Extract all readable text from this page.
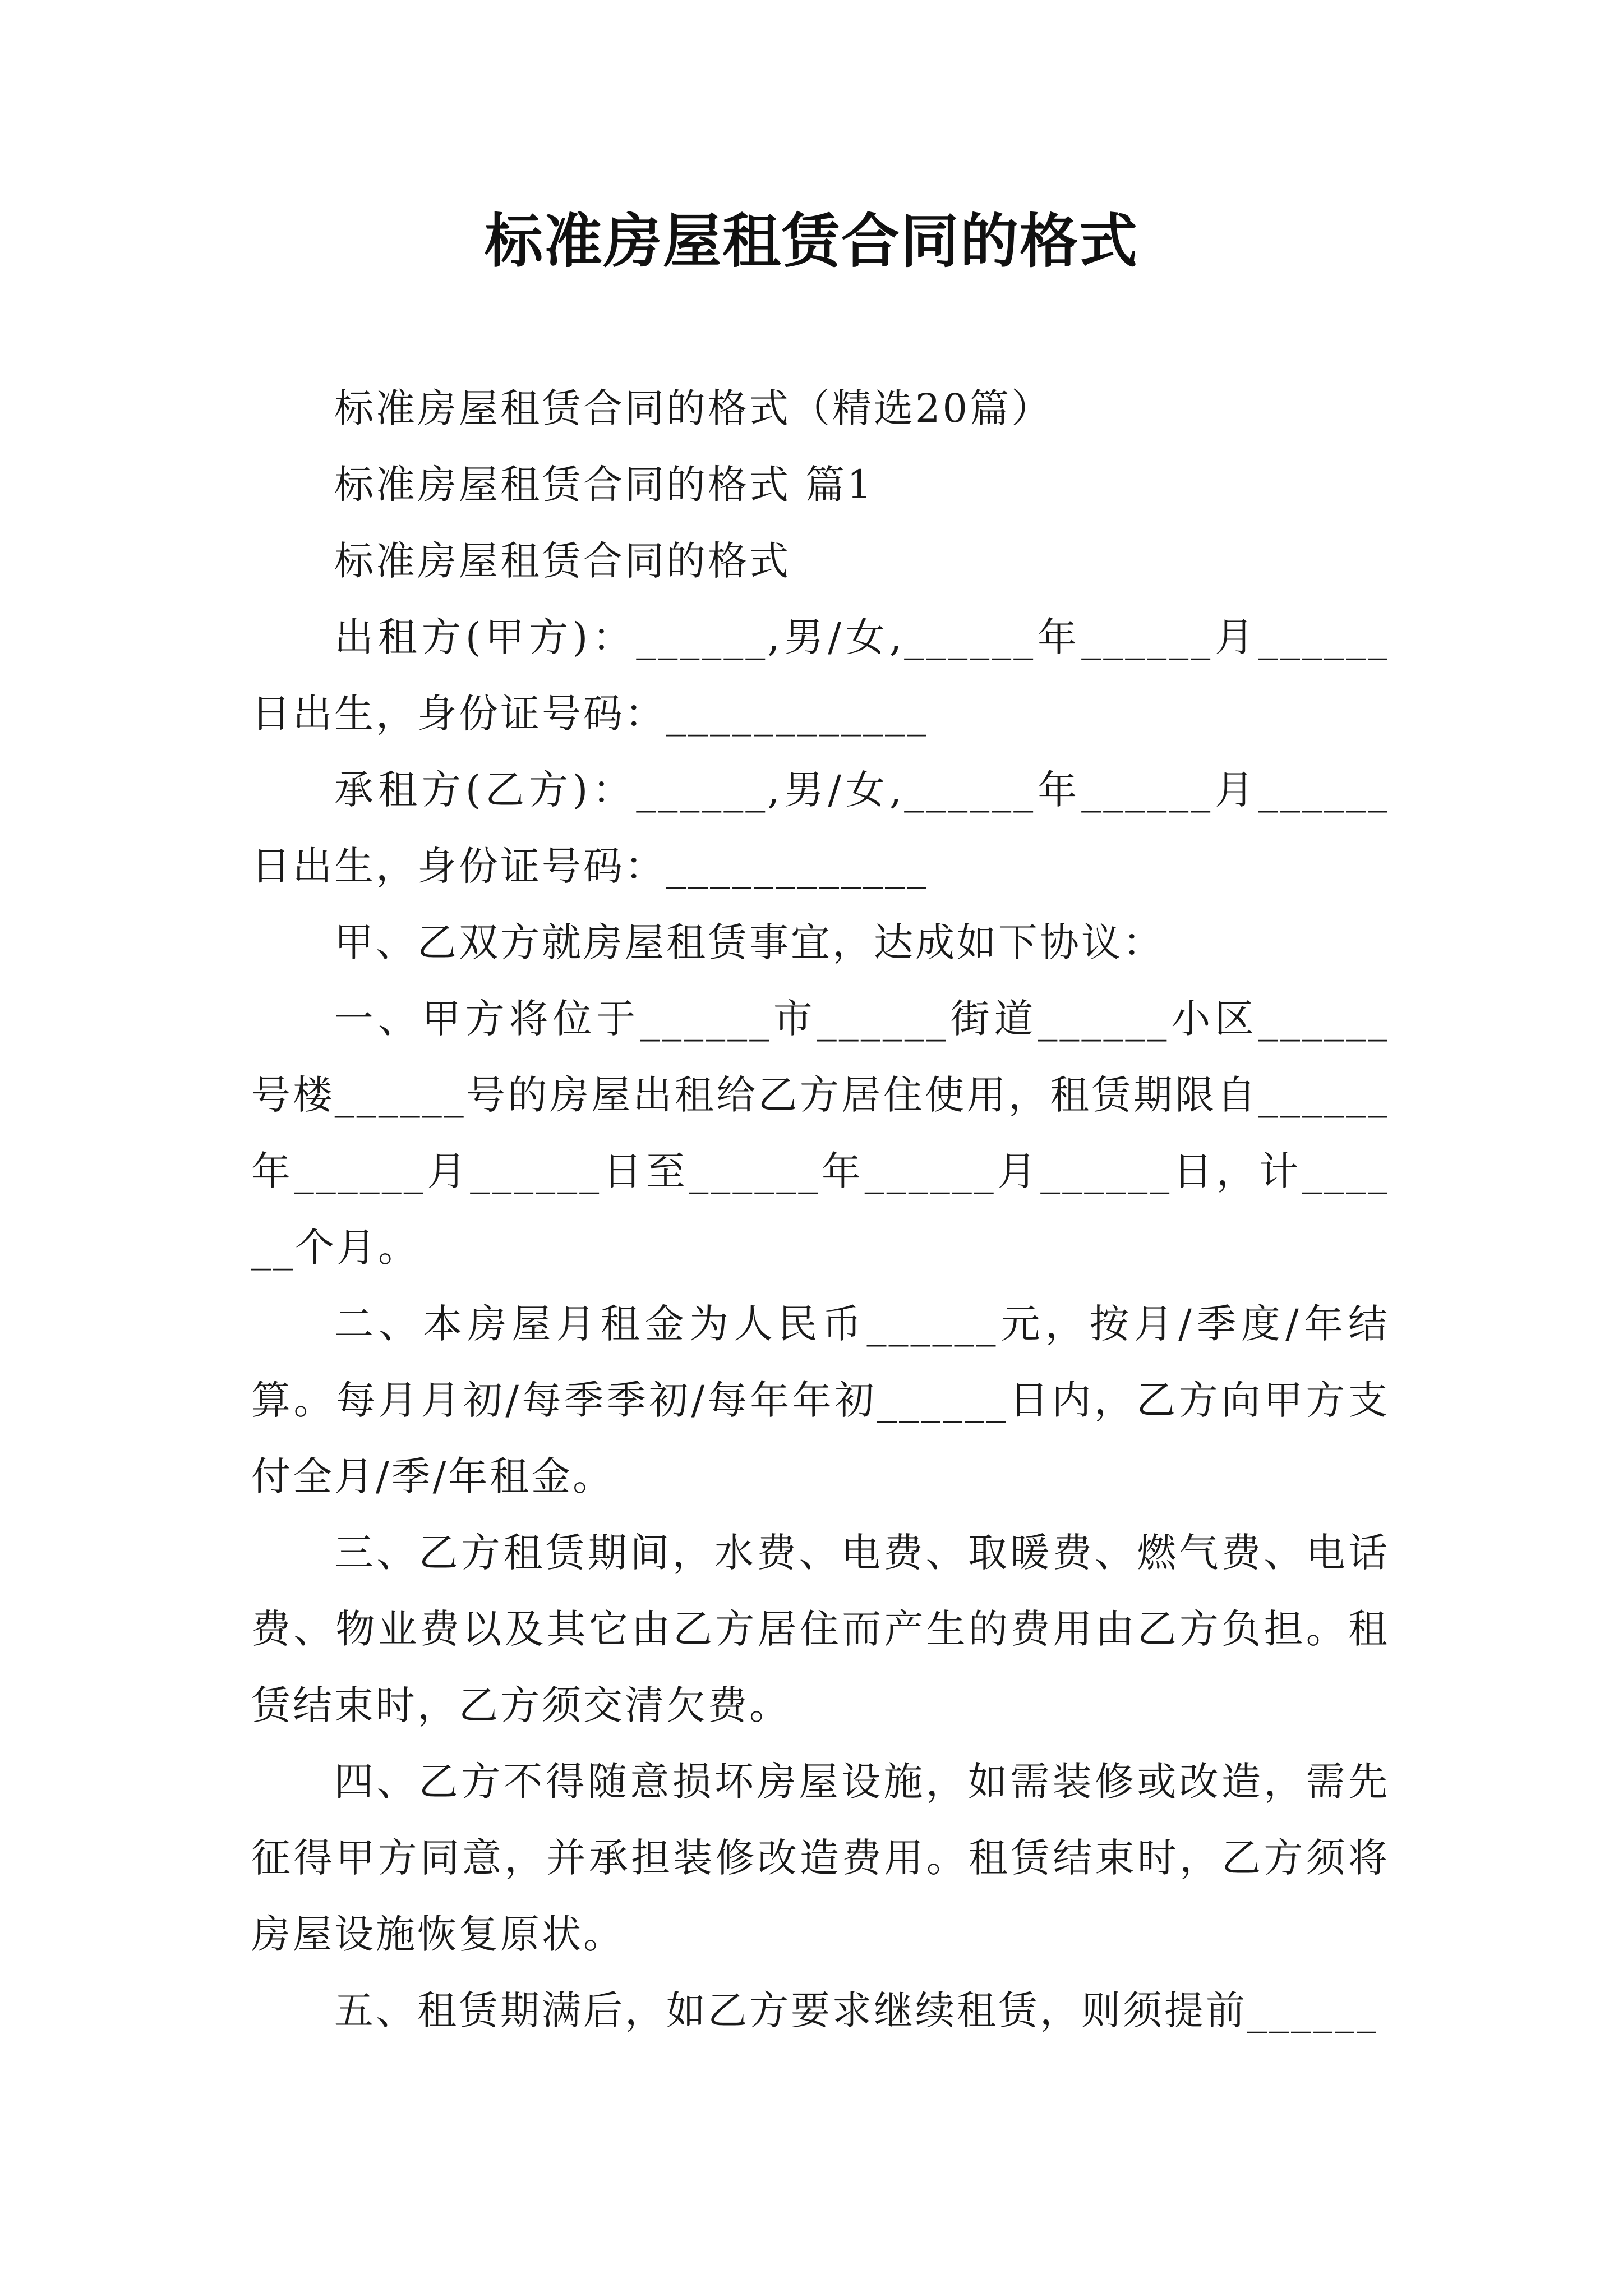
标准房屋租赁合同的格式

标准房屋租赁合同的格式（精选20篇）

标准房屋租赁合同的格式 篇1

标准房屋租赁合同的格式

出租方(甲方)：______,男/女,______年______月______日出生，身份证号码：____________

承租方(乙方)：______,男/女,______年______月______日出生，身份证号码：____________

甲、乙双方就房屋租赁事宜，达成如下协议：

一、甲方将位于______市______街道______小区______号楼______号的房屋出租给乙方居住使用，租赁期限自______年______月______日至______年______月______日，计______个月。

二、本房屋月租金为人民币______元，按月/季度/年结算。每月月初/每季季初/每年年初______日内，乙方向甲方支付全月/季/年租金。

三、乙方租赁期间，水费、电费、取暖费、燃气费、电话费、物业费以及其它由乙方居住而产生的费用由乙方负担。租赁结束时，乙方须交清欠费。

四、乙方不得随意损坏房屋设施，如需装修或改造，需先征得甲方同意，并承担装修改造费用。租赁结束时，乙方须将房屋设施恢复原状。

五、租赁期满后，如乙方要求继续租赁，则须提前______
